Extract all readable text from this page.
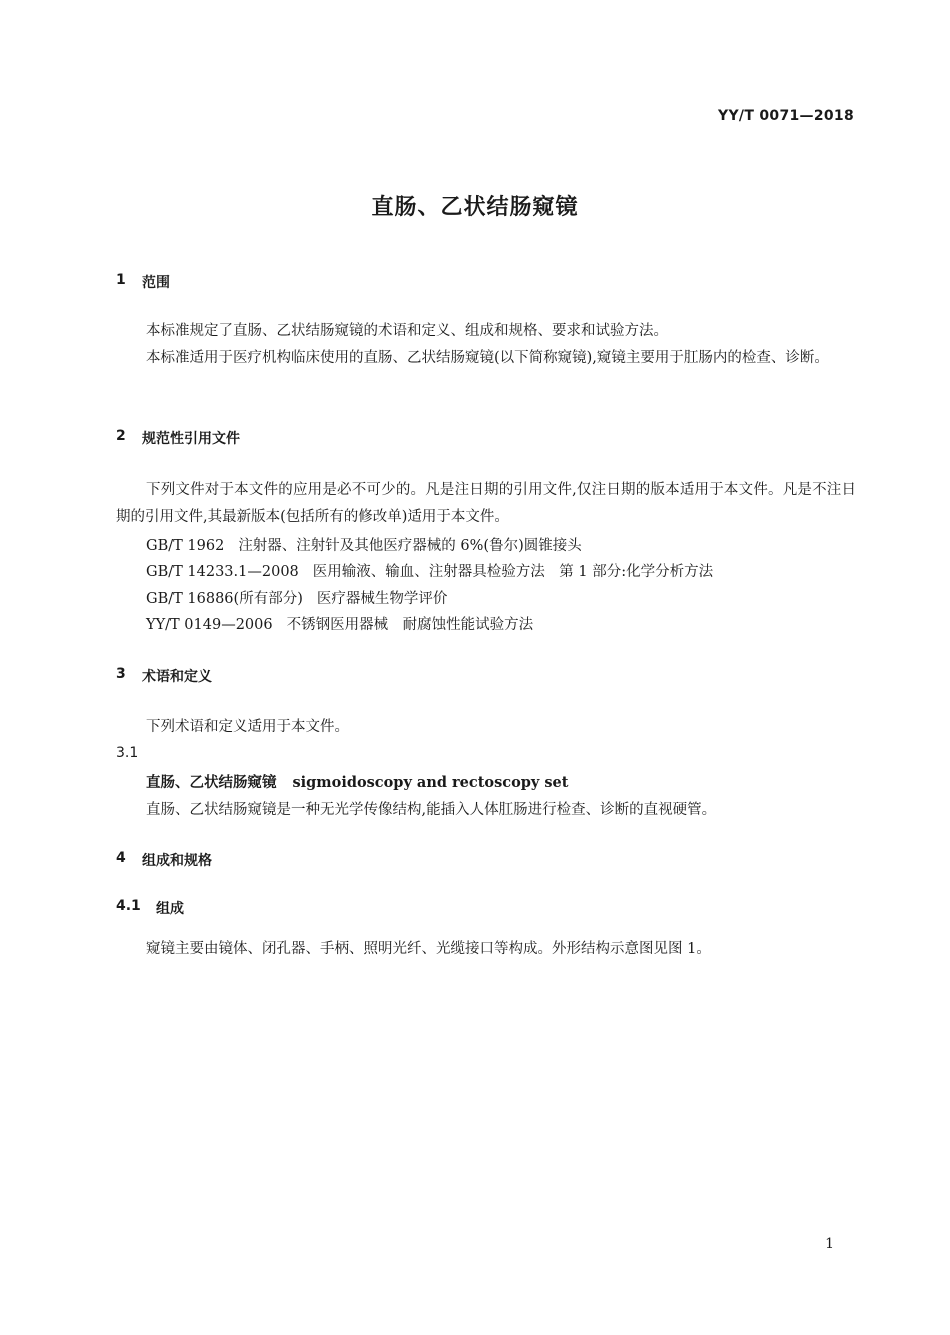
YY/T 0071—2018
直肠、乙状结肠窥镜
1	范围
本标准规定了直肠、乙状结肠窥镜的术语和定义、组成和规格、要求和试验方法。
本标准适用于医疗机构临床使用的直肠、乙状结肠窥镜(以下简称窥镜),窥镜主要用于肛肠内的检查、诊断。
2	规范性引用文件
下列文件对于本文件的应用是必不可少的。凡是注日期的引用文件,仅注日期的版本适用于本文件。凡是不注日期的引用文件,其最新版本(包括所有的修改单)适用于本文件。
GB/T 1962 注射器、注射针及其他医疗器械的 6%(鲁尔)圆锥接头
GB/T 14233.1—2008 医用输液、输血、注射器具检验方法　第 1 部分:化学分析方法
GB/T 16886(所有部分) 医疗器械生物学评价
YY/T 0149—2006 不锈钢医用器械　耐腐蚀性能试验方法
3	术语和定义
下列术语和定义适用于本文件。
3.1
直肠、乙状结肠窥镜 sigmoidoscopy and rectoscopy set
直肠、乙状结肠窥镜是一种无光学传像结构,能插入人体肛肠进行检查、诊断的直视硬管。
4	组成和规格
4.1	组成
窥镜主要由镜体、闭孔器、手柄、照明光纤、光缆接口等构成。外形结构示意图见图 1。
1
